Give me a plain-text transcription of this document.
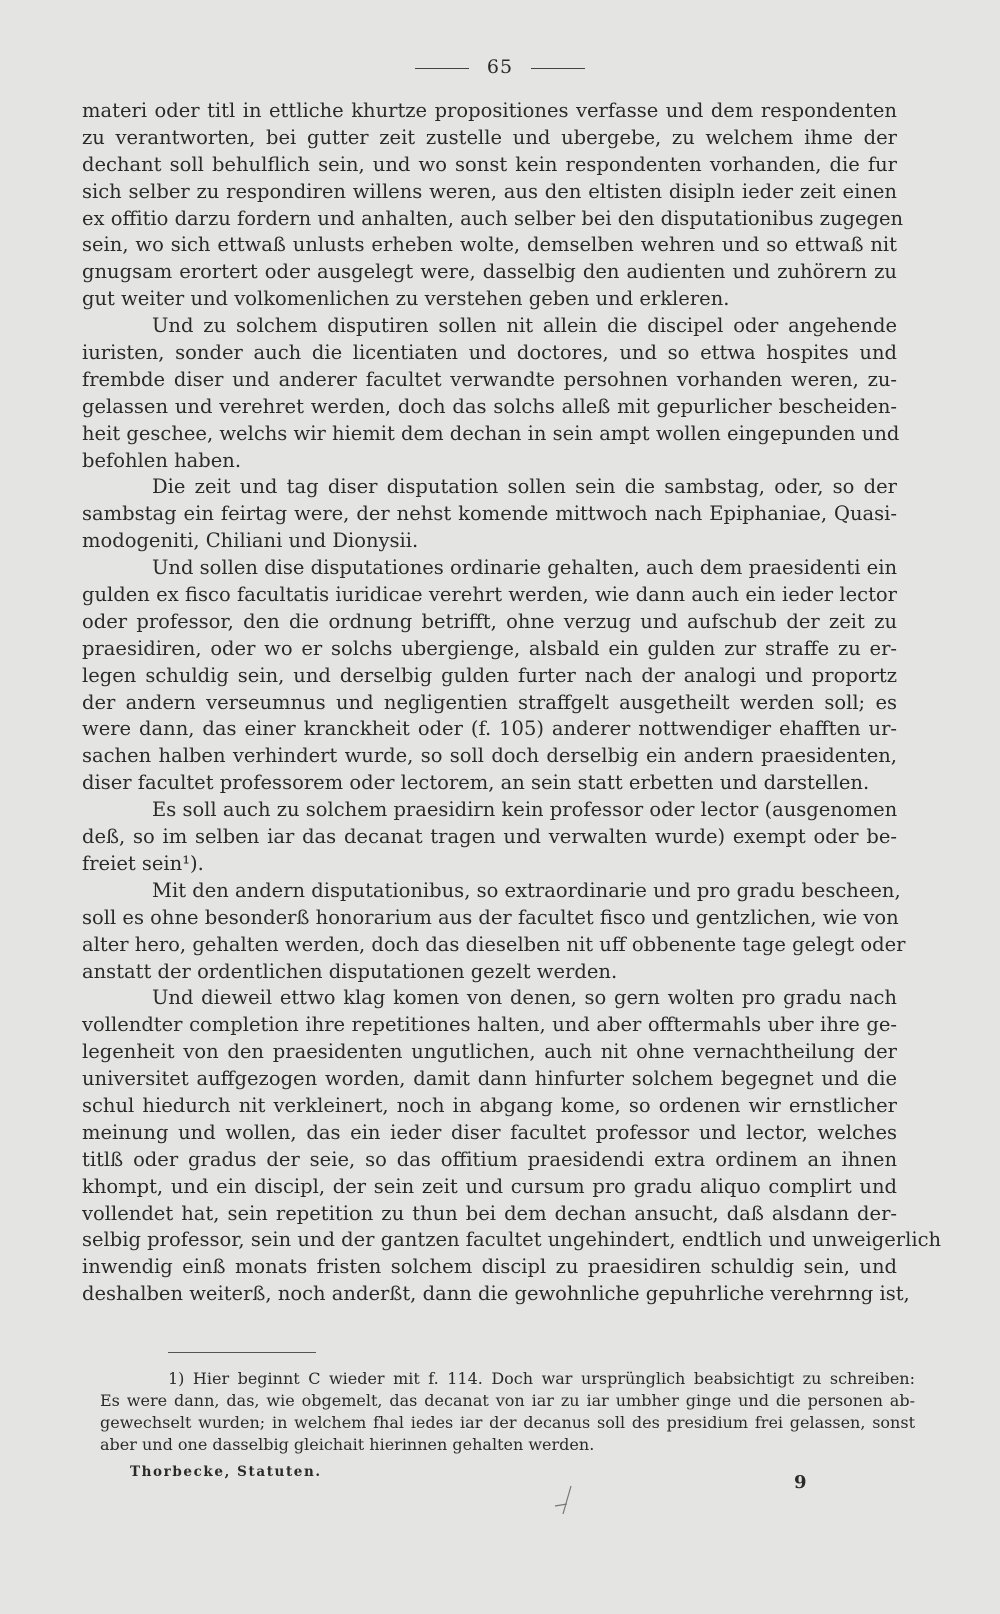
65
materi oder titl in ettliche khurtze propositiones verfasse und dem respondenten
zu verantworten, bei gutter zeit zustelle und ubergebe, zu welchem ihme der
dechant soll behulflich sein, und wo sonst kein respondenten vorhanden, die fur
sich selber zu respondiren willens weren, aus den eltisten disipln ieder zeit einen
ex offitio darzu fordern und anhalten, auch selber bei den disputationibus zugegen
sein, wo sich ettwaß unlusts erheben wolte, demselben wehren und so ettwaß nit
gnugsam erortert oder ausgelegt were, dasselbig den audienten und zuhörern zu
gut weiter und volkomenlichen zu verstehen geben und erkleren.
Und zu solchem disputiren sollen nit allein die discipel oder angehende
iuristen, sonder auch die licentiaten und doctores, und so ettwa hospites und
frembde diser und anderer facultet verwandte persohnen vorhanden weren, zu-
gelassen und verehret werden, doch das solchs alleß mit gepurlicher bescheiden-
heit geschee, welchs wir hiemit dem dechan in sein ampt wollen eingepunden und
befohlen haben.
Die zeit und tag diser disputation sollen sein die sambstag, oder, so der
sambstag ein feirtag were, der nehst komende mittwoch nach Epiphaniae, Quasi-
modogeniti, Chiliani und Dionysii.
Und sollen dise disputationes ordinarie gehalten, auch dem praesidenti ein
gulden ex fisco facultatis iuridicae verehrt werden, wie dann auch ein ieder lector
oder professor, den die ordnung betrifft, ohne verzug und aufschub der zeit zu
praesidiren, oder wo er solchs ubergienge, alsbald ein gulden zur straffe zu er-
legen schuldig sein, und derselbig gulden furter nach der analogi und proportz
der andern verseumnus und negligentien straffgelt ausgetheilt werden soll; es
were dann, das einer kranckheit oder (f. 105) anderer nottwendiger ehafften ur-
sachen halben verhindert wurde, so soll doch derselbig ein andern praesidenten,
diser facultet professorem oder lectorem, an sein statt erbetten und darstellen.
Es soll auch zu solchem praesidirn kein professor oder lector (ausgenomen
deß, so im selben iar das decanat tragen und verwalten wurde) exempt oder be-
freiet sein¹).
Mit den andern disputationibus, so extraordinarie und pro gradu bescheen,
soll es ohne besonderß honorarium aus der facultet fisco und gentzlichen, wie von
alter hero, gehalten werden, doch das dieselben nit uff obbenente tage gelegt oder
anstatt der ordentlichen disputationen gezelt werden.
Und dieweil ettwo klag komen von denen, so gern wolten pro gradu nach
vollendter completion ihre repetitiones halten, und aber offtermahls uber ihre ge-
legenheit von den praesidenten ungutlichen, auch nit ohne vernachtheilung der
universitet auffgezogen worden, damit dann hinfurter solchem begegnet und die
schul hiedurch nit verkleinert, noch in abgang kome, so ordenen wir ernstlicher
meinung und wollen, das ein ieder diser facultet professor und lector, welches
titlß oder gradus der seie, so das offitium praesidendi extra ordinem an ihnen
khompt, und ein discipl, der sein zeit und cursum pro gradu aliquo complirt und
vollendet hat, sein repetition zu thun bei dem dechan ansucht, daß alsdann der-
selbig professor, sein und der gantzen facultet ungehindert, endtlich und unweigerlich
inwendig einß monats fristen solchem discipl zu praesidiren schuldig sein, und
deshalben weiterß, noch anderßt, dann die gewohnliche gepuhrliche verehrnng ist,
1) Hier beginnt C wieder mit f. 114. Doch war ursprünglich beabsichtigt zu schreiben:
Es were dann, das, wie obgemelt, das decanat von iar zu iar umbher ginge und die personen ab-
gewechselt wurden; in welchem fhal iedes iar der decanus soll des presidium frei gelassen, sonst
aber und one dasselbig gleichait hierinnen gehalten werden.
Thorbecke, Statuten.	9
